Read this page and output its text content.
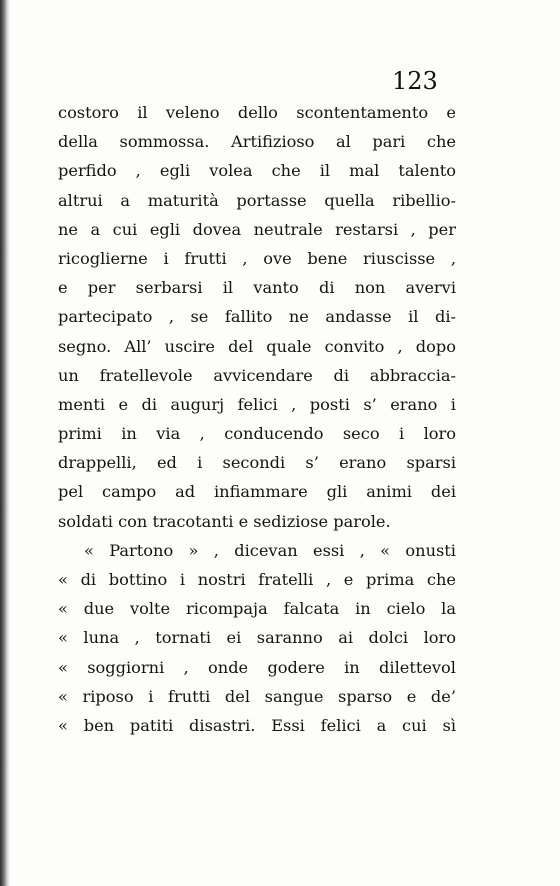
123
costoro il veleno dello scontentamento e
della sommossa. Artifizioso al pari che
perfido , egli volea che il mal talento
altrui a maturità portasse quella ribellio-
ne a cui egli dovea neutrale restarsi , per
ricoglierne i frutti , ove bene riuscisse ,
e per serbarsi il vanto di non avervi
partecipato , se fallito ne andasse il di-
segno. All’ uscire del quale convito , dopo
un fratellevole avvicendare di abbraccia-
menti e di augurj felici , posti s’ erano i
primi in via , conducendo seco i loro
drappelli, ed i secondi s’ erano sparsi
pel campo ad infiammare gli animi dei
soldati con tracotanti e sediziose parole.
« Partono » , dicevan essi , « onusti
« di bottino i nostri fratelli , e prima che
« due volte ricompaja falcata in cielo la
« luna , tornati ei saranno ai dolci loro
« soggiorni , onde godere in dilettevol
« riposo i frutti del sangue sparso e de’
« ben patiti disastri. Essi felici a cui sì
